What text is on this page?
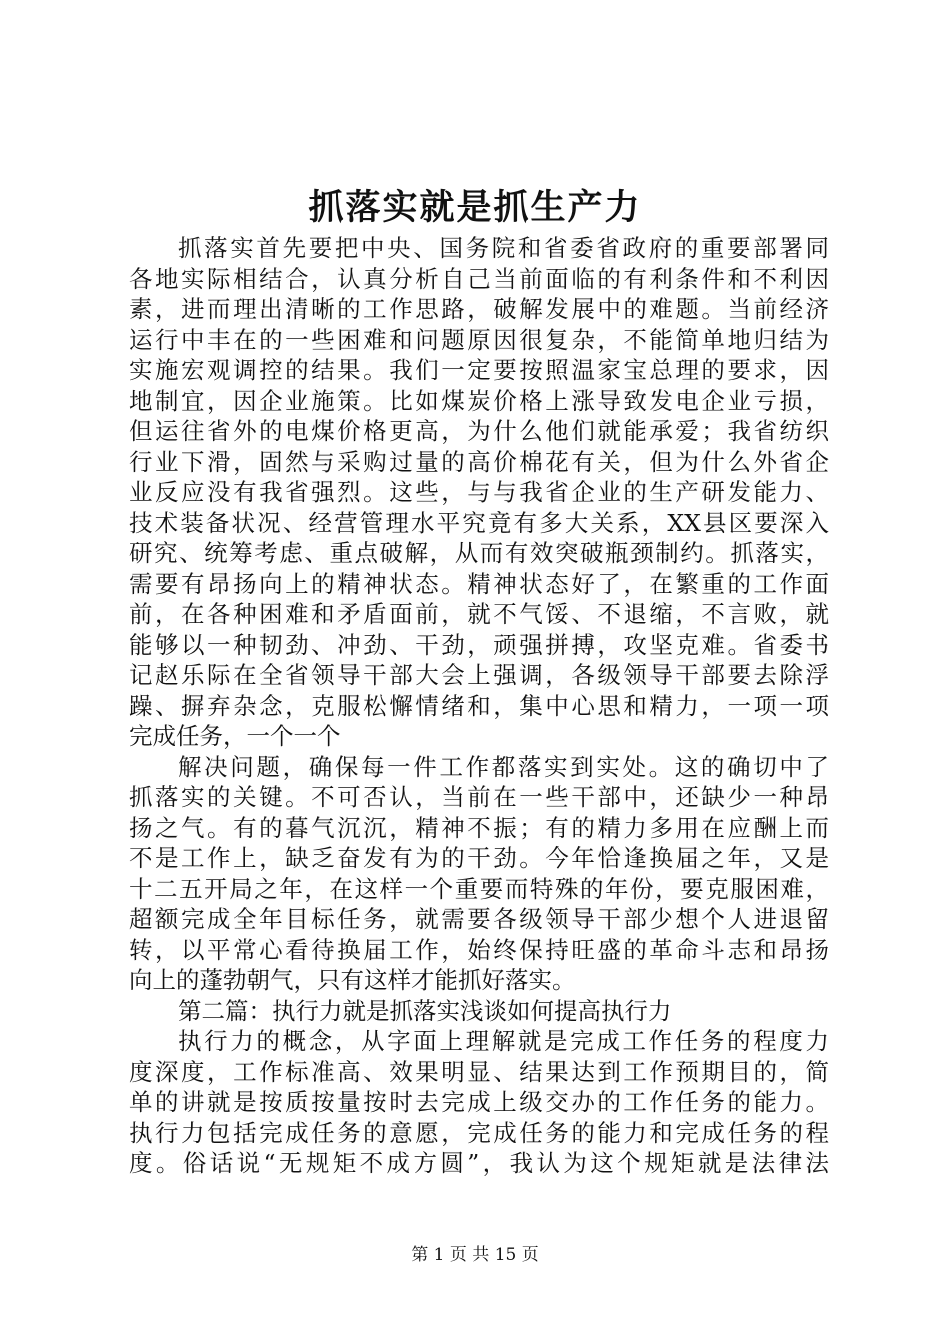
抓落实就是抓生产力
抓落实首先要把中央、国务院和省委省政府的重要部署同
各地实际相结合，认真分析自己当前面临的有利条件和不利因
素，进而理出清晰的工作思路，破解发展中的难题。当前经济
运行中丰在的一些困难和问题原因很复杂，不能简单地归结为
实施宏观调控的结果。我们一定要按照温家宝总理的要求，因
地制宜，因企业施策。比如煤炭价格上涨导致发电企业亏损，
但运往省外的电煤价格更高，为什么他们就能承爱；我省纺织
行业下滑，固然与采购过量的高价棉花有关，但为什么外省企
业反应没有我省强烈。这些，与与我省企业的生产研发能力、
技术装备状况、经营管理水平究竟有多大关系，XX县区要深入
研究、统筹考虑、重点破解，从而有效突破瓶颈制约。抓落实，
需要有昂扬向上的精神状态。精神状态好了，在繁重的工作面
前，在各种困难和矛盾面前，就不气馁、不退缩，不言败，就
能够以一种韧劲、冲劲、干劲，顽强拼搏，攻坚克难。省委书
记赵乐际在全省领导干部大会上强调，各级领导干部要去除浮
躁、摒弃杂念，克服松懈情绪和，集中心思和精力，一项一项
完成任务，一个一个
解决问题，确保每一件工作都落实到实处。这的确切中了
抓落实的关键。不可否认，当前在一些干部中，还缺少一种昂
扬之气。有的暮气沉沉，精神不振；有的精力多用在应酬上而
不是工作上，缺乏奋发有为的干劲。今年恰逢换届之年，又是
十二五开局之年，在这样一个重要而特殊的年份，要克服困难，
超额完成全年目标任务，就需要各级领导干部少想个人进退留
转，以平常心看待换届工作，始终保持旺盛的革命斗志和昂扬
向上的蓬勃朝气，只有这样才能抓好落实。
第二篇：执行力就是抓落实浅谈如何提高执行力
执行力的概念，从字面上理解就是完成工作任务的程度力
度深度，工作标准高、效果明显、结果达到工作预期目的，简
单的讲就是按质按量按时去完成上级交办的工作任务的能力。
执行力包括完成任务的意愿，完成任务的能力和完成任务的程
度。俗话说“无规矩不成方圆”，我认为这个规矩就是法律法
第 1 页 共 15 页
